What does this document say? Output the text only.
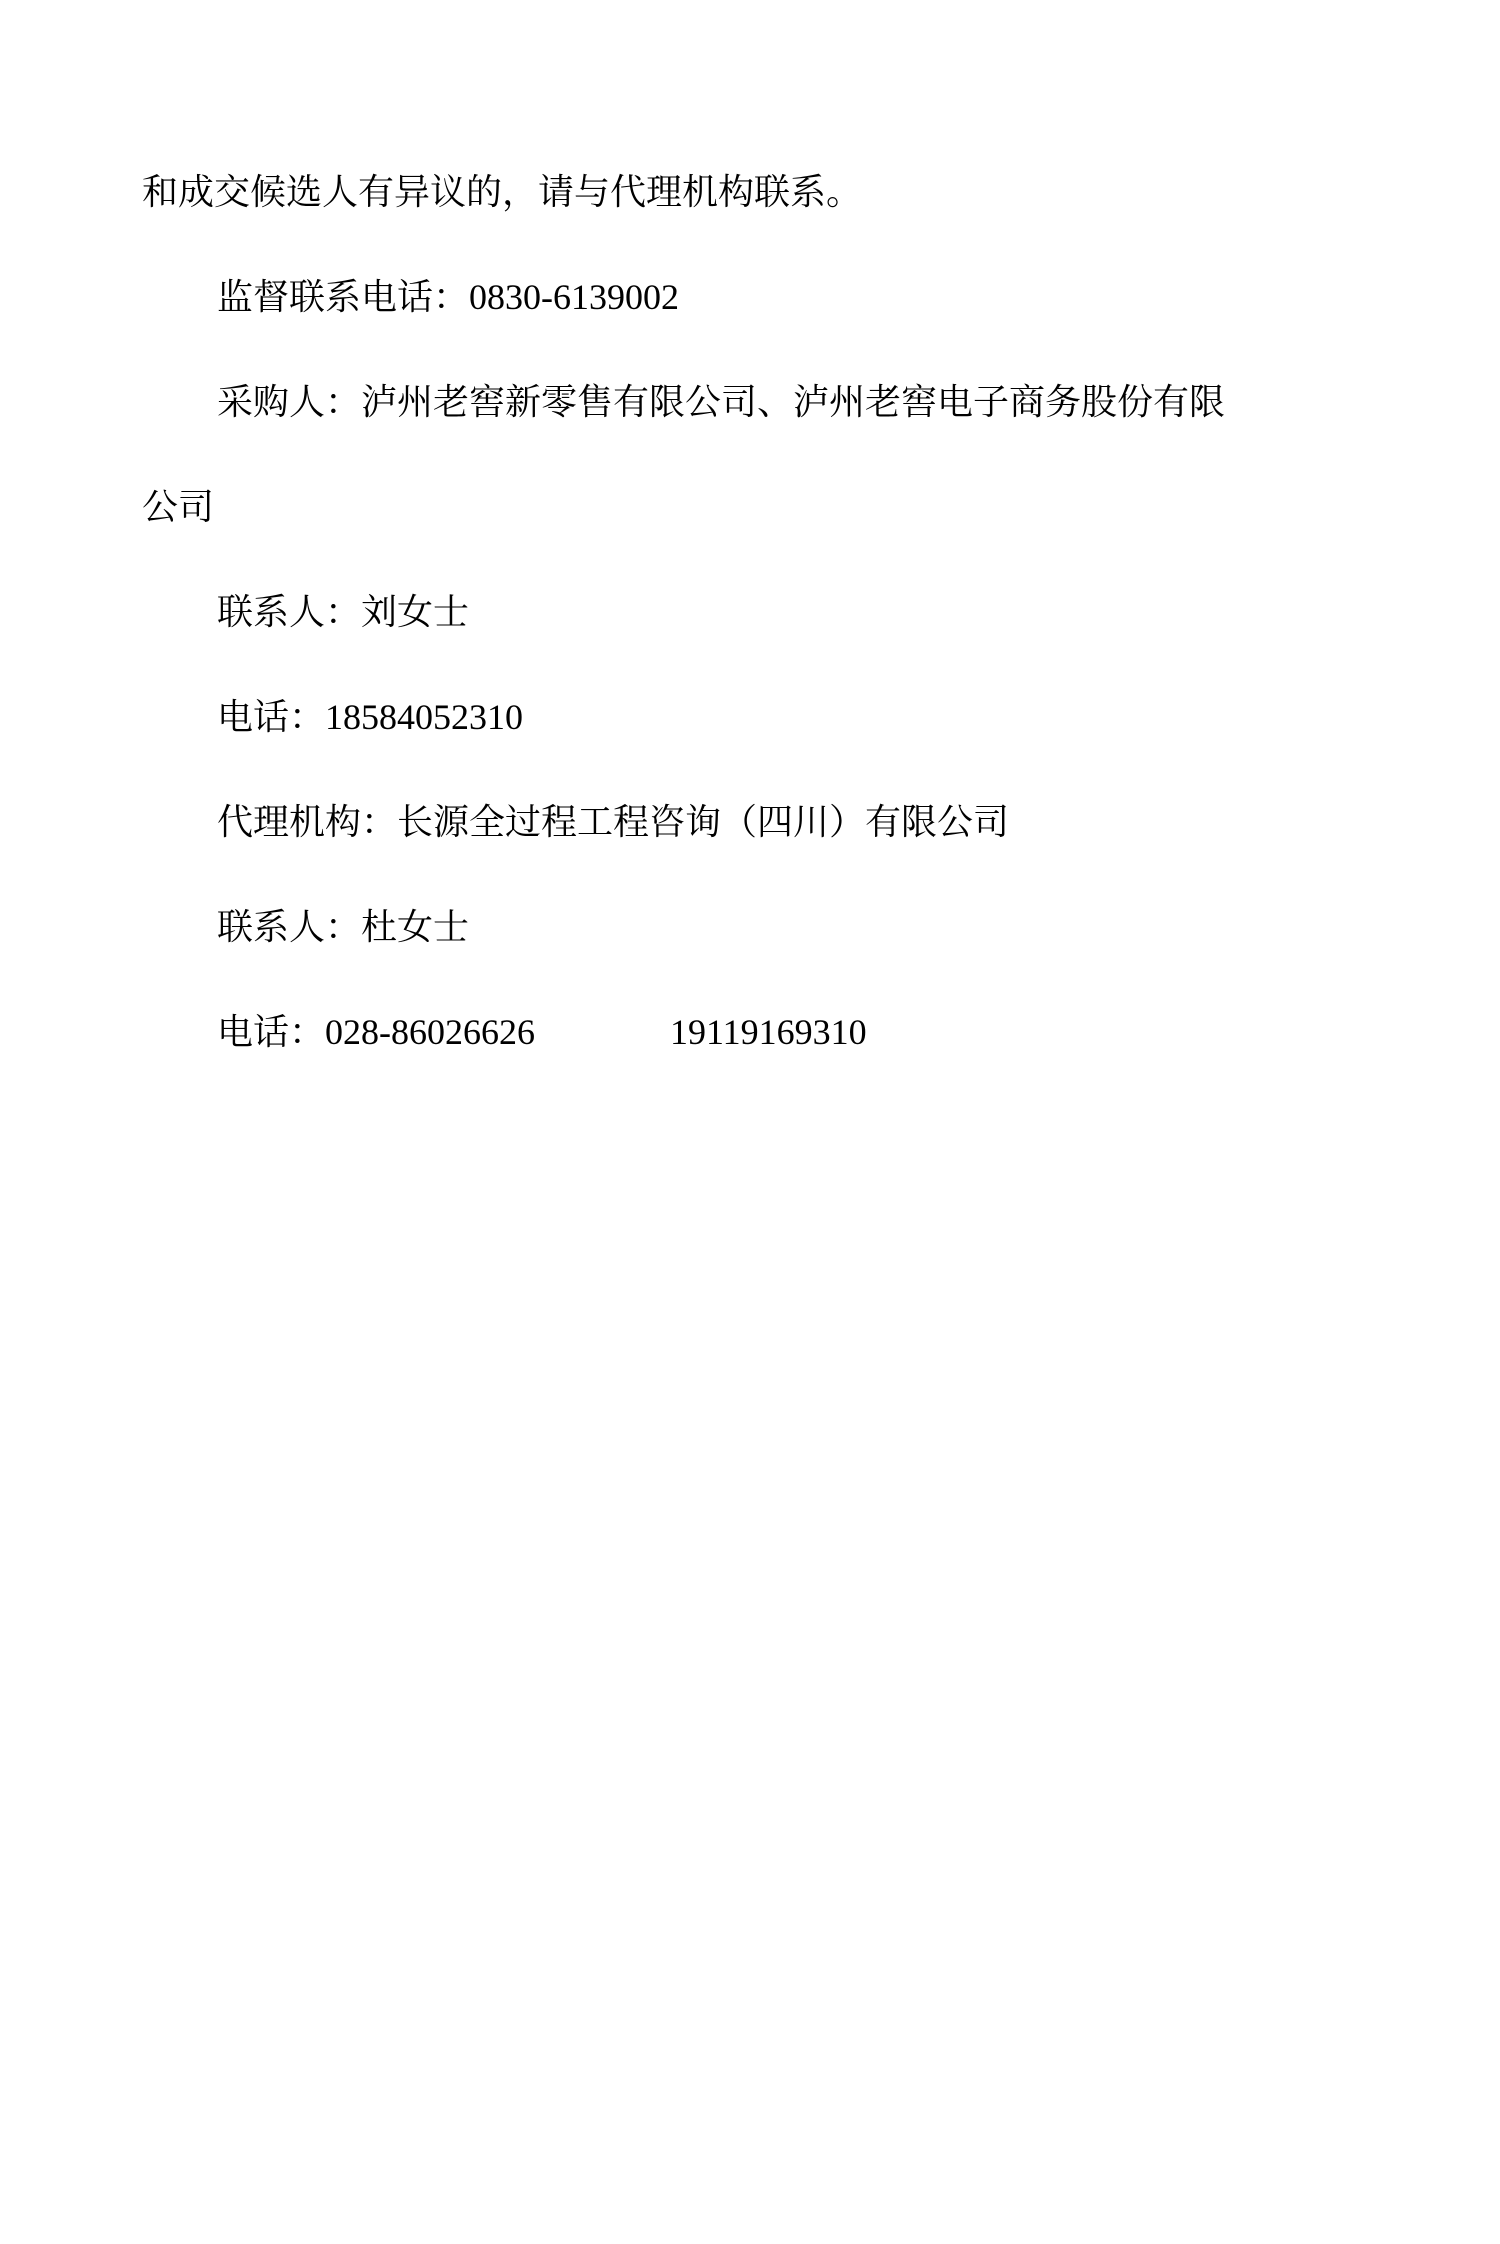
和成交候选人有异议的，请与代理机构联系。
监督联系电话：0830-6139002
采购人：泸州老窖新零售有限公司、泸州老窖电子商务股份有限
公司
联系人：刘女士
电话：18584052310
代理机构：长源全过程工程咨询（四川）有限公司
联系人：杜女士
电话：028-86026626	19119169310
